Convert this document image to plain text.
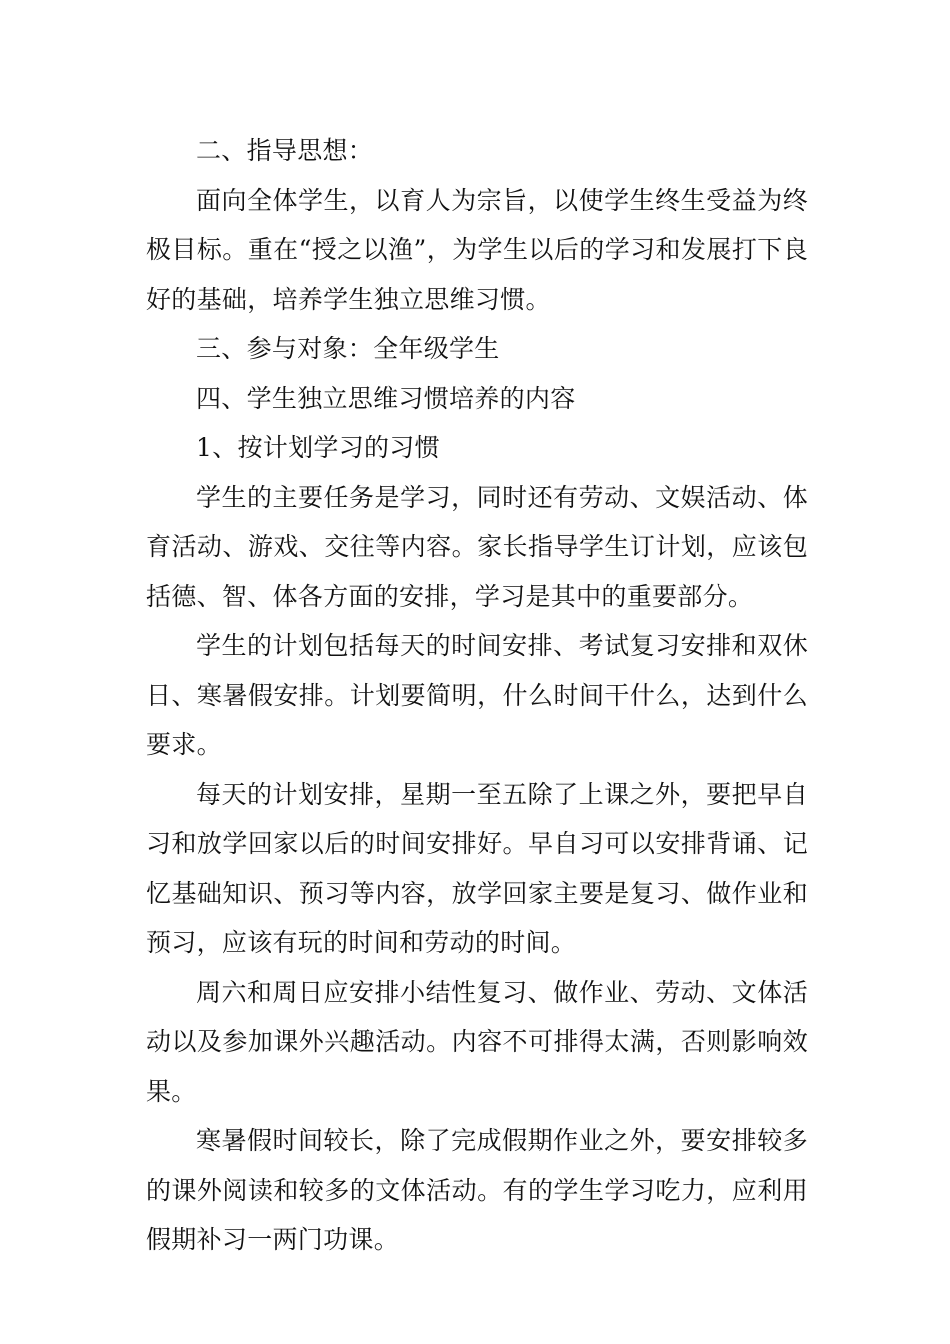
二、指导思想：

面向全体学生，以育人为宗旨，以使学生终生受益为终极目标。重在“授之以渔”，为学生以后的学习和发展打下良好的基础，培养学生独立思维习惯。

三、参与对象：全年级学生

四、学生独立思维习惯培养的内容

1、按计划学习的习惯

学生的主要任务是学习，同时还有劳动、文娱活动、体育活动、游戏、交往等内容。家长指导学生订计划，应该包括德、智、体各方面的安排，学习是其中的重要部分。

学生的计划包括每天的时间安排、考试复习安排和双休日、寒暑假安排。计划要简明，什么时间干什么，达到什么要求。

每天的计划安排，星期一至五除了上课之外，要把早自习和放学回家以后的时间安排好。早自习可以安排背诵、记忆基础知识、预习等内容，放学回家主要是复习、做作业和预习，应该有玩的时间和劳动的时间。

周六和周日应安排小结性复习、做作业、劳动、文体活动以及参加课外兴趣活动。内容不可排得太满，否则影响效果。

寒暑假时间较长，除了完成假期作业之外，要安排较多的课外阅读和较多的文体活动。有的学生学习吃力，应利用假期补习一两门功课。
